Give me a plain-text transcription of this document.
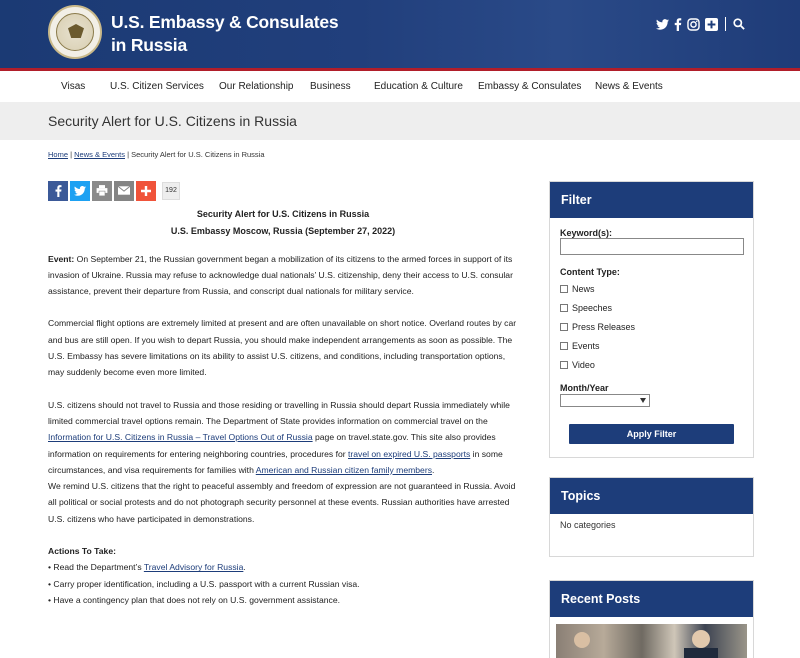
U.S. Embassy & Consulates
in Russia
Visas U.S. Citizen Services Our Relationship Business Education & Culture Embassy & Consulates News & Events
Security Alert for U.S. Citizens in Russia
Home | News & Events | Security Alert for U.S. Citizens in Russia
192

Security Alert for U.S. Citizens in Russia

U.S. Embassy Moscow, Russia (September 27, 2022)

Event: On September 21, the Russian government began a mobilization of its citizens to the armed forces in support of its invasion of Ukraine. Russia may refuse to acknowledge dual nationals’ U.S. citizenship, deny their access to U.S. consular assistance, prevent their departure from Russia, and conscript dual nationals for military service.

Commercial flight options are extremely limited at present and are often unavailable on short notice. Overland routes by car and bus are still open. If you wish to depart Russia, you should make independent arrangements as soon as possible. The U.S. Embassy has severe limitations on its ability to assist U.S. citizens, and conditions, including transportation options, may suddenly become even more limited.

U.S. citizens should not travel to Russia and those residing or travelling in Russia should depart Russia immediately while limited commercial travel options remain. The Department of State provides information on commercial travel on the Information for U.S. Citizens in Russia – Travel Options Out of Russia page on travel.state.gov. This site also provides information on requirements for entering neighboring countries, procedures for travel on expired U.S. passports in some circumstances, and visa requirements for families with American and Russian citizen family members.

We remind U.S. citizens that the right to peaceful assembly and freedom of expression are not guaranteed in Russia. Avoid all political or social protests and do not photograph security personnel at these events. Russian authorities have arrested U.S. citizens who have participated in demonstrations.

Actions To Take:

• Read the Department’s Travel Advisory for Russia.

• Carry proper identification, including a U.S. passport with a current Russian visa.

• Have a contingency plan that does not rely on U.S. government assistance.

Filter
Keyword(s):
Content Type:
News
Speeches
Press Releases
Events
Video
Month/Year
Apply Filter
Topics
No categories
Recent Posts
